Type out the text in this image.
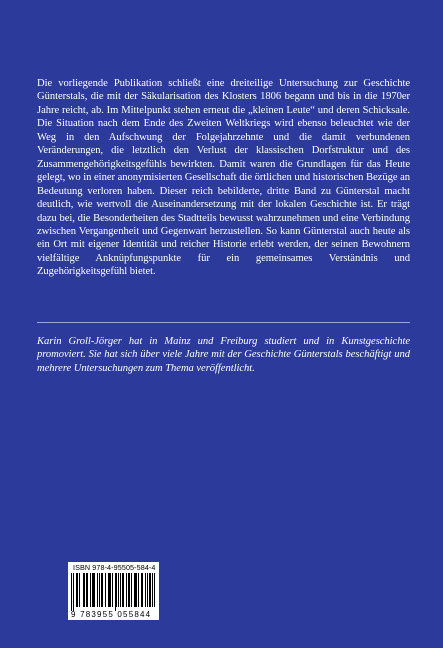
Die vorliegende Publikation schließt eine dreiteilige Untersuchung zur Geschichte Günterstals, die mit der Säkularisation des Klosters 1806 begann und bis in die 1970er Jahre reicht, ab. Im Mittelpunkt stehen erneut die „kleinen Leute“ und deren Schicksale. Die Situation nach dem Ende des Zweiten Weltkriegs wird ebenso beleuchtet wie der Weg in den Aufschwung der Folgejahrzehnte und die damit verbundenen Veränderungen, die letztlich den Verlust der klassischen Dorfstruktur und des Zusammengehörigkeitsgefühls bewirkten. Damit waren die Grundlagen für das Heute gelegt, wo in einer anonymisierten Gesellschaft die örtlichen und historischen Bezüge an Bedeutung verloren haben. Dieser reich bebilderte, dritte Band zu Günterstal macht deutlich, wie wertvoll die Auseinandersetzung mit der lokalen Geschichte ist. Er trägt dazu bei, die Besonderheiten des Stadtteils bewusst wahrzunehmen und eine Verbindung zwischen Vergangenheit und Gegenwart herzustellen. So kann Günterstal auch heute als ein Ort mit eigener Identität und reicher Historie erlebt werden, der seinen Bewohnern vielfältige Anknüpfungspunkte für ein gemeinsames Verständnis und Zugehörigkeitsgefühl bietet.

Karin Groll-Jörger hat in Mainz und Freiburg studiert und in Kunstgeschichte promoviert. Sie hat sich über viele Jahre mit der Geschichte Günterstals beschäftigt und mehrere Untersuchungen zum Thema veröffentlicht.

ISBN 978-4-95505-584-4
9 783955 055844
